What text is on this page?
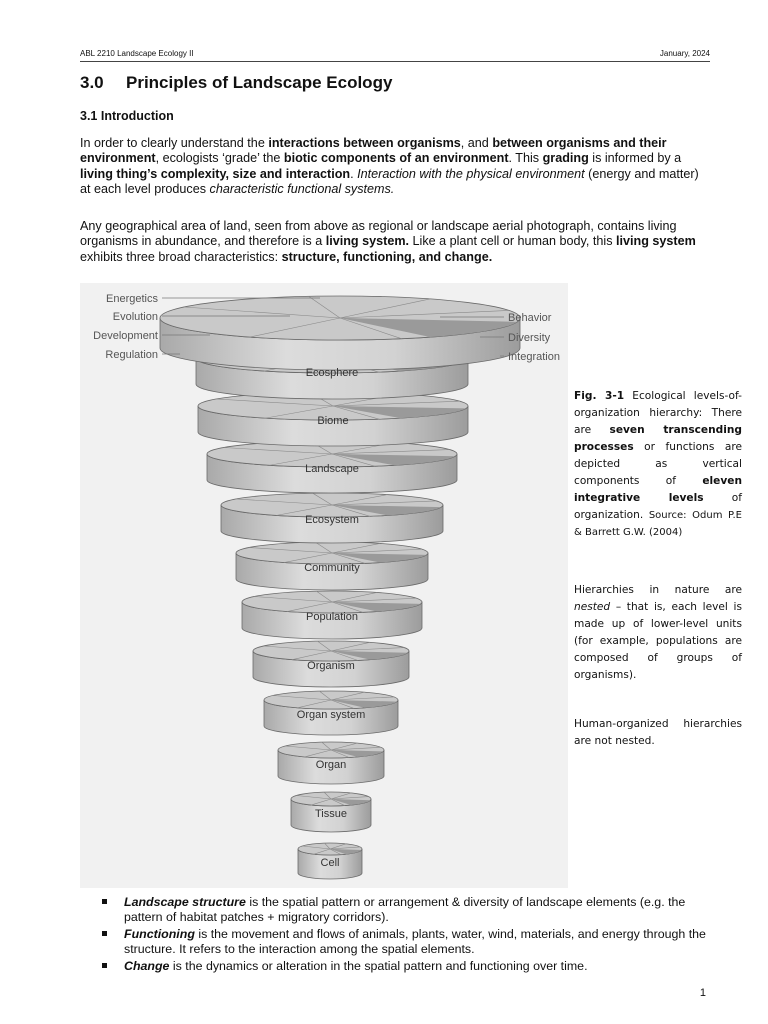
ABL 2210 Landscape Ecology II	January, 2024
3.0 Principles of Landscape Ecology
3.1 Introduction
In order to clearly understand the interactions between organisms, and between organisms and their environment, ecologists ‘grade’ the biotic components of an environment. This grading is informed by a living thing’s complexity, size and interaction. Interaction with the physical environment (energy and matter) at each level produces characteristic functional systems.
Any geographical area of land, seen from above as regional or landscape aerial photograph, contains living organisms in abundance, and therefore is a living system. Like a plant cell or human body, this living system exhibits three broad characteristics: structure, functioning, and change.
Energetics
Evolution
Development
Regulation
Behavior
Diversity
Integration
Ecosphere
Biome
Landscape
Ecosystem
Community
Population
Organism
Organ system
Organ
Tissue
Cell
Fig. 3-1 Ecological levels-of-organization hierarchy: There are seven transcending processes or functions are depicted as vertical components of eleven integrative levels of organization. Source: Odum P.E & Barrett G.W. (2004)

Hierarchies in nature are nested – that is, each level is made up of lower-level units (for example, populations are composed of groups of organisms).

Human-organized hierarchies are not nested.

Landscape structure is the spatial pattern or arrangement & diversity of landscape elements (e.g. the pattern of habitat patches + migratory corridors).
Functioning is the movement and flows of animals, plants, water, wind, materials, and energy through the structure. It refers to the interaction among the spatial elements.
Change is the dynamics or alteration in the spatial pattern and functioning over time.
1
